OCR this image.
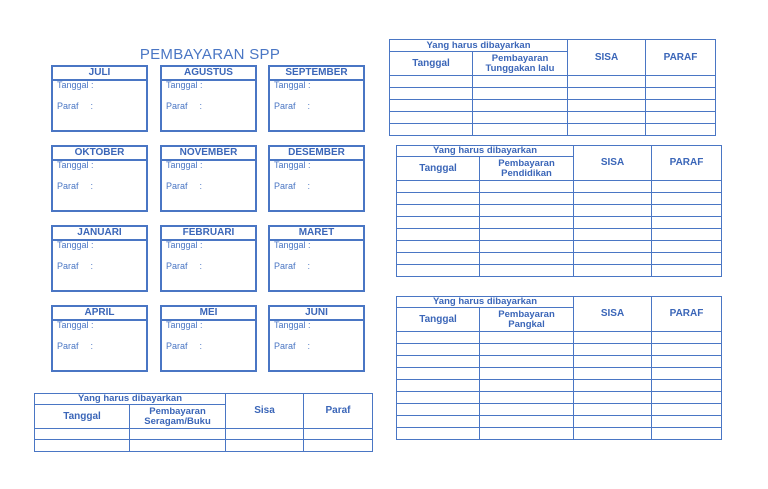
PEMBAYARAN SPP
JULI
Tanggal :
Paraf :
AGUSTUS
Tanggal :
Paraf :
SEPTEMBER
Tanggal :
Paraf :
OKTOBER
Tanggal :
Paraf :
NOVEMBER
Tanggal :
Paraf :
DESEMBER
Tanggal :
Paraf :
JANUARI
Tanggal :
Paraf :
FEBRUARI
Tanggal :
Paraf :
MARET
Tanggal :
Paraf :
APRIL
Tanggal :
Paraf :
MEI
Tanggal :
Paraf :
JUNI
Tanggal :
Paraf :
Yang harus dibayarkan		Sisa	Paraf
Tanggal	Pembayaran Seragam/Buku		

Yang harus dibayarkan		SISA	PARAF
Tanggal	Pembayaran Tunggakan lalu		

Yang harus dibayarkan		SISA	PARAF
Tanggal	Pembayaran Pendidikan		

Yang harus dibayarkan		SISA	PARAF
Tanggal	Pembayaran Pangkal		
